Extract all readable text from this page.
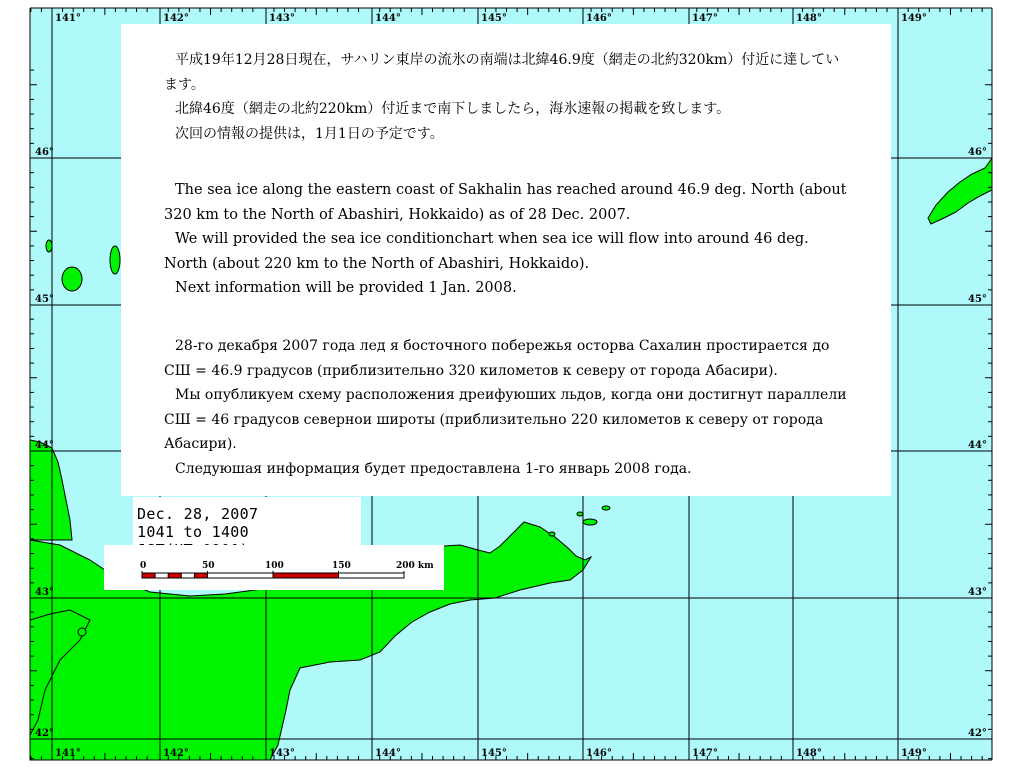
141°	142°	143°	144°	145°	146°	147°	148°	149°
141°	142°	143°	144°	145°	146°	147°	148°	149°
46°
45°
44°
43°
42°
46°
45°
44°
43°
42°

平成19年12月28日現在，サハリン東岸の流氷の南端は北緯46.9度（網走の北約320km）付近に達しています。

北緯46度（網走の北約220km）付近まで南下しましたら，海氷速報の掲載を致します。

次回の情報の提供は，1月1日の予定です。

The sea ice along the eastern coast of Sakhalin has reached around 46.9 deg. North (about 320 km to the North of Abashiri, Hokkaido) as of 28 Dec. 2007.

We will provided the sea ice conditionchart when sea ice will flow into around 46 deg. North (about 220 km to the North of Abashiri, Hokkaido).

Next information will be provided 1 Jan. 2008.

28-го декабря 2007 года лед я босточного побережья осторва Сахалин простирается до СШ = 46.9 градусов (приблизительно 320 километов к северу от города Абасири).

Мы опубликуем схему расположения дреифуюших льдов, когда они достигнут параллели СШ = 46 градусов севернои широты (приблизительно 220 километов к северу от города Абасири).

Следуюшая информация будет предоставлена 1-го январь 2008 года.

Dec. 28, 2007
1041 to 1400
0	50	100	150	200 km
